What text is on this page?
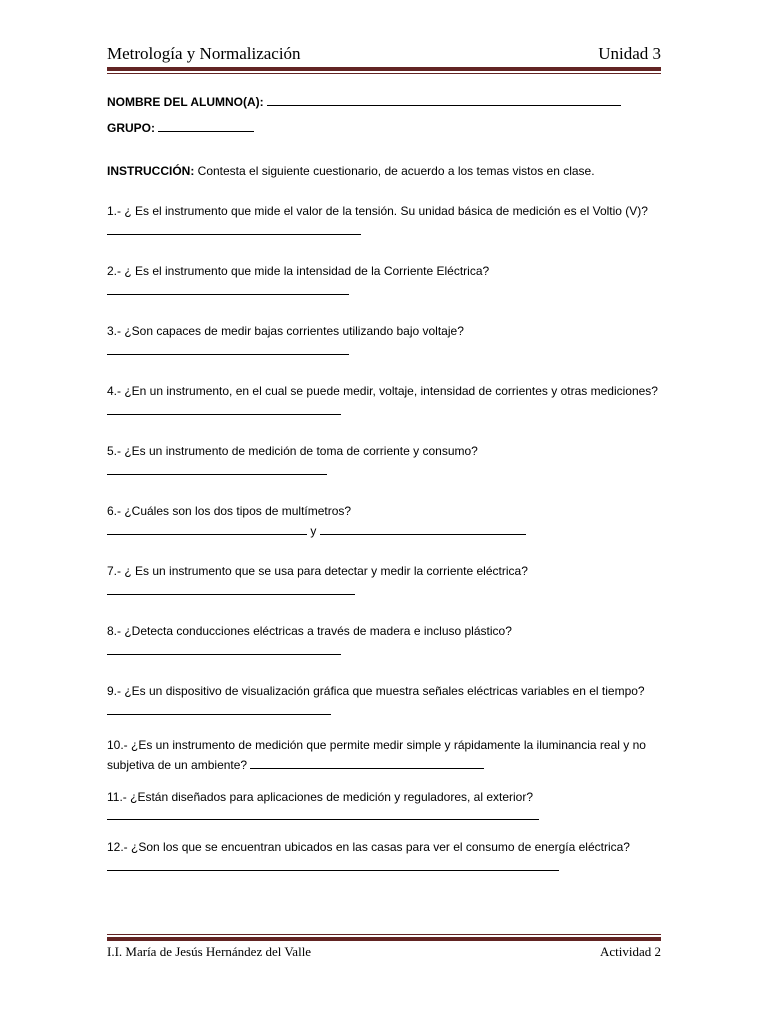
Metrología y Normalización	Unidad 3
NOMBRE DEL ALUMNO(A):
GRUPO:
INSTRUCCIÓN: Contesta el siguiente cuestionario, de acuerdo a los temas vistos en clase.
1.- ¿ Es el instrumento que mide el valor de la tensión. Su unidad básica de medición es el Voltio (V)?
2.- ¿ Es el instrumento que mide la intensidad de la Corriente Eléctrica?
3.- ¿Son capaces de medir bajas corrientes utilizando bajo voltaje?
4.- ¿En un instrumento, en el cual se puede medir, voltaje, intensidad de corrientes y otras mediciones?
5.- ¿Es un instrumento de medición de toma de corriente y consumo?
6.- ¿Cuáles son los dos tipos de multímetros?
y
7.- ¿ Es un instrumento que se usa para detectar y medir la corriente eléctrica?
8.- ¿Detecta conducciones eléctricas a través de madera e incluso plástico?
9.- ¿Es un dispositivo de visualización gráfica que muestra señales eléctricas variables en el tiempo?
10.- ¿Es un instrumento de medición que permite medir simple y rápidamente la iluminancia real y no subjetiva de un ambiente?
11.- ¿Están diseñados para aplicaciones de medición y reguladores, al exterior?
12.- ¿Son los que se encuentran ubicados en las casas para ver el consumo de energía eléctrica?
I.I. María de Jesús Hernández del Valle	Actividad 2
